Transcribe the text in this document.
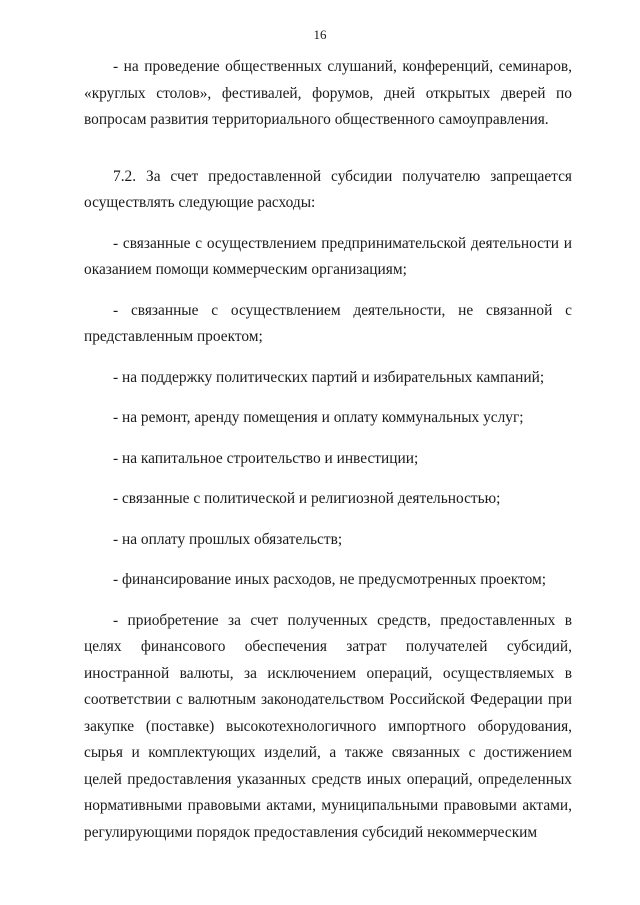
16

- на проведение общественных слушаний, конференций, семинаров, «круглых столов», фестивалей, форумов, дней открытых дверей по вопросам развития территориального общественного самоуправления.

7.2. За счет предоставленной субсидии получателю запрещается осуществлять следующие расходы:

- связанные с осуществлением предпринимательской деятельности и оказанием помощи коммерческим организациям;

- связанные с осуществлением деятельности, не связанной с представленным проектом;

- на поддержку политических партий и избирательных кампаний;

- на ремонт, аренду помещения и оплату коммунальных услуг;

- на капитальное строительство и инвестиции;

- связанные с политической и религиозной деятельностью;

- на оплату прошлых обязательств;

- финансирование иных расходов, не предусмотренных проектом;

- приобретение за счет полученных средств, предоставленных в целях финансового обеспечения затрат получателей субсидий, иностранной валюты, за исключением операций, осуществляемых в соответствии с валютным законодательством Российской Федерации при закупке (поставке) высокотехнологичного импортного оборудования, сырья и комплектующих изделий, а также связанных с достижением целей предоставления указанных средств иных операций, определенных нормативными правовыми актами, муниципальными правовыми актами, регулирующими порядок предоставления субсидий некоммерческим
